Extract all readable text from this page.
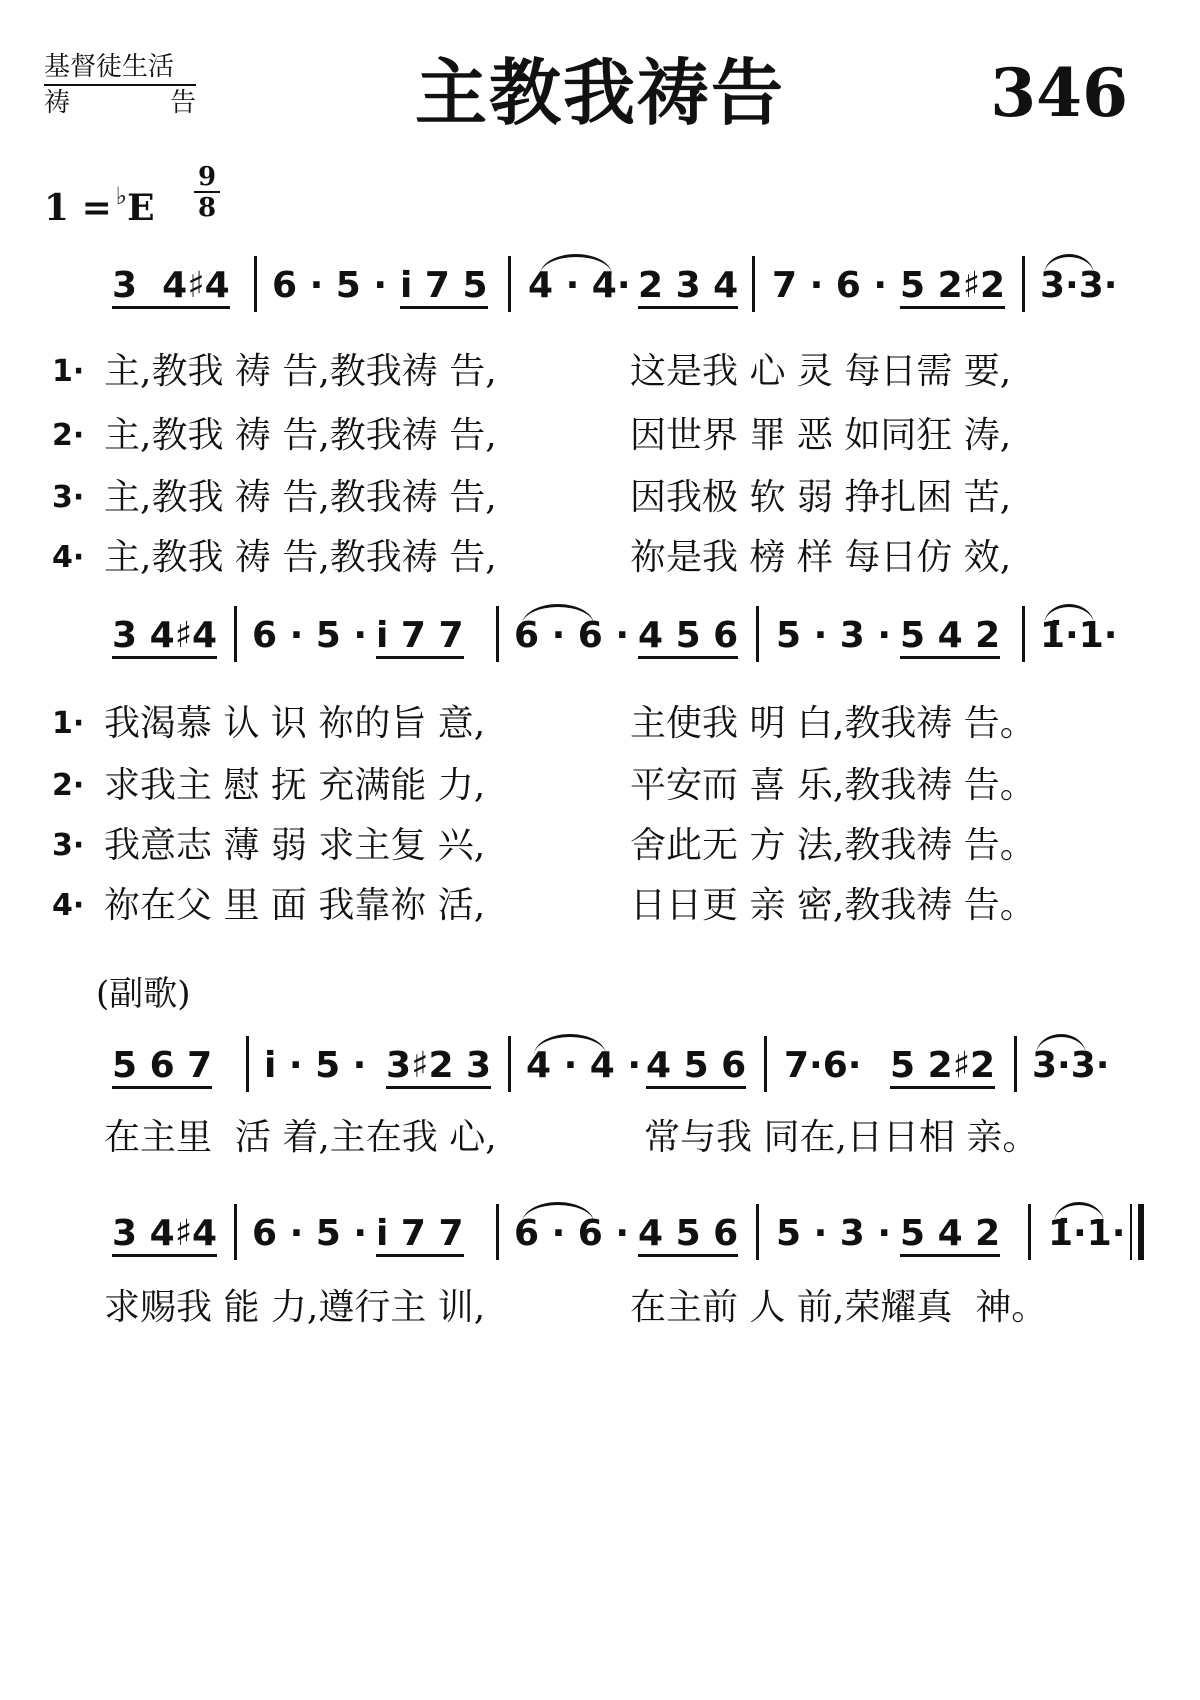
基督徒生活
祷	告	主教我祷告	346
1 = ♭E
9
8
3  4♯4 6 · 5 · i̇ 7 5 4 · 4· 2 3 4 7 · 6 · 5 2♯2 3·3·
1· 主,教我 祷 告,教我祷 告,	这是我 心 灵 每日需 要,
2· 主,教我 祷 告,教我祷 告,	因世界 罪 恶 如同狂 涛,
3· 主,教我 祷 告,教我祷 告,	因我极 软 弱 挣扎困 苦,
4· 主,教我 祷 告,教我祷 告,	祢是我 榜 样 每日仿 效,
3 4♯4 6 · 5 ·
i̇ 7 7 6 · 6 ·
4 5 6 5 · 3 ·
5 4 2 1̇·1·
1· 我渴慕 认 识 祢的旨 意,	主使我 明 白,教我祷 告。
2· 求我主 慰 抚 充满能 力,	平安而 喜 乐,教我祷 告。
3· 我意志 薄 弱 求主复 兴,	舍此无 方 法,教我祷 告。
4· 祢在父 里 面 我靠祢 活,	日日更 亲 密,教我祷 告。
(副歌)
5 6 7 i̇ · 5 · 3♯2 3 4 · 4 ·
4 5 6 7·6· 5 2♯2 3·3·
在主里  活 着,主在我 心,	常与我 同在,日日相 亲。
3 4♯4 6 · 5 ·
i̇ 7 7 6 · 6 ·
4 5 6 5 · 3 ·
5 4 2 1̇·1·
求赐我 能 力,遵行主 训,	在主前 人 前,荣耀真  神。
